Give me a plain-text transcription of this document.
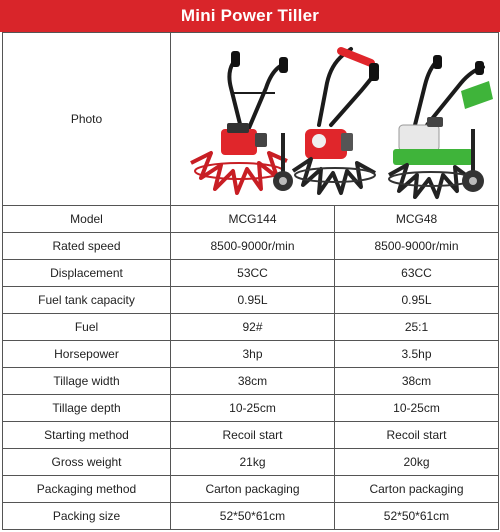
Mini Power Tiller
Photo	

Model	MCG144	MCG48
Rated speed	8500-9000r/min	8500-9000r/min
Displacement	53CC	63CC
Fuel tank capacity	0.95L	0.95L
Fuel	92#	25:1
Horsepower	3hp	3.5hp
Tillage width	38cm	38cm
Tillage depth	10-25cm	10-25cm
Starting method	Recoil start	Recoil start
Gross weight	21kg	20kg
Packaging method	Carton packaging	Carton packaging
Packing size	52*50*61cm	52*50*61cm
